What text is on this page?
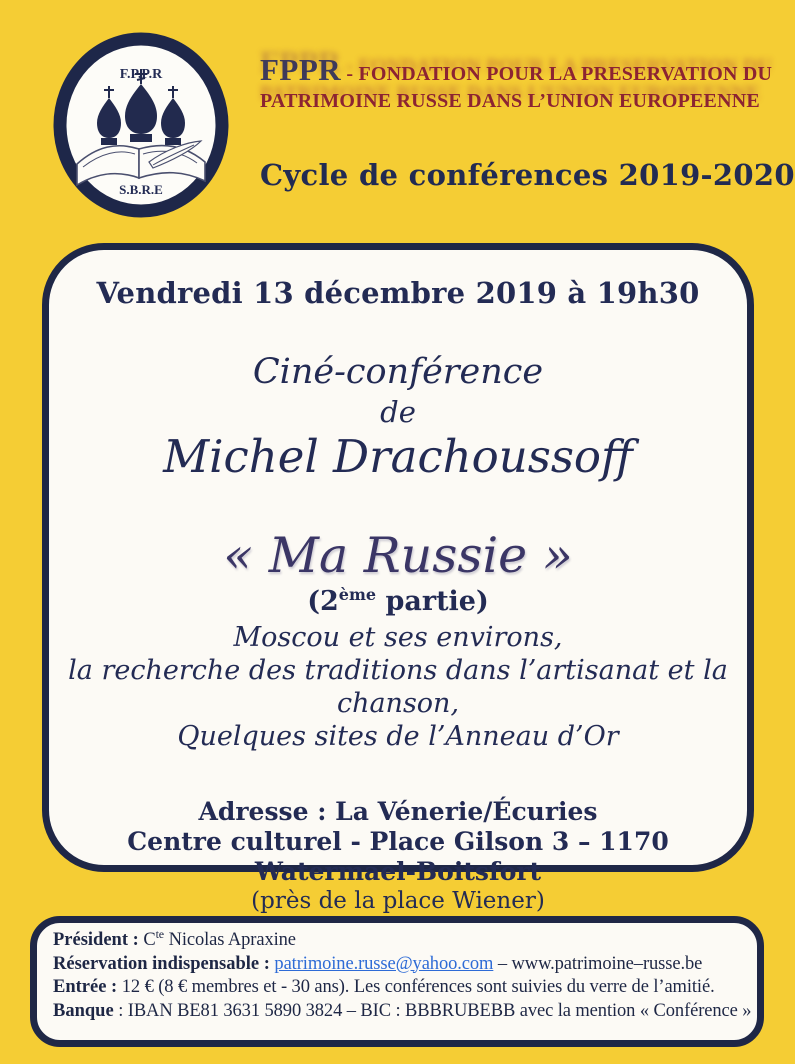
F.P.P.R
S.B.R.E
FPPR - FONDATION POUR LA PRESERVATION DU
PATRIMOINE RUSSE DANS L’UNION EUROPEENNE
Cycle de conférences 2019-2020

Vendredi 13 décembre 2019 à 19h30

Ciné-conférence

de

Michel Drachoussoff

« Ma Russie »

(2ème partie)

Moscou et ses environs,
la recherche des traditions dans l’artisanat et la chanson,
Quelques sites de l’Anneau d’Or
Adresse : La Vénerie/Écuries
Centre culturel - Place Gilson 3 – 1170 Watermael-Boitsfort

(près de la place Wiener)

Président : $C^{te}$ Nicolas Apraxine
Réservation indispensable : patrimoine.russe@yahoo.com – www.patrimoine–russe.be
Entrée : 12 € (8 € membres et - 30 ans). Les conférences sont suivies du verre de l’amitié.
Banque : IBAN BE81 3631 5890 3824 – BIC : BBBRUBEBB avec la mention « Conférence »
